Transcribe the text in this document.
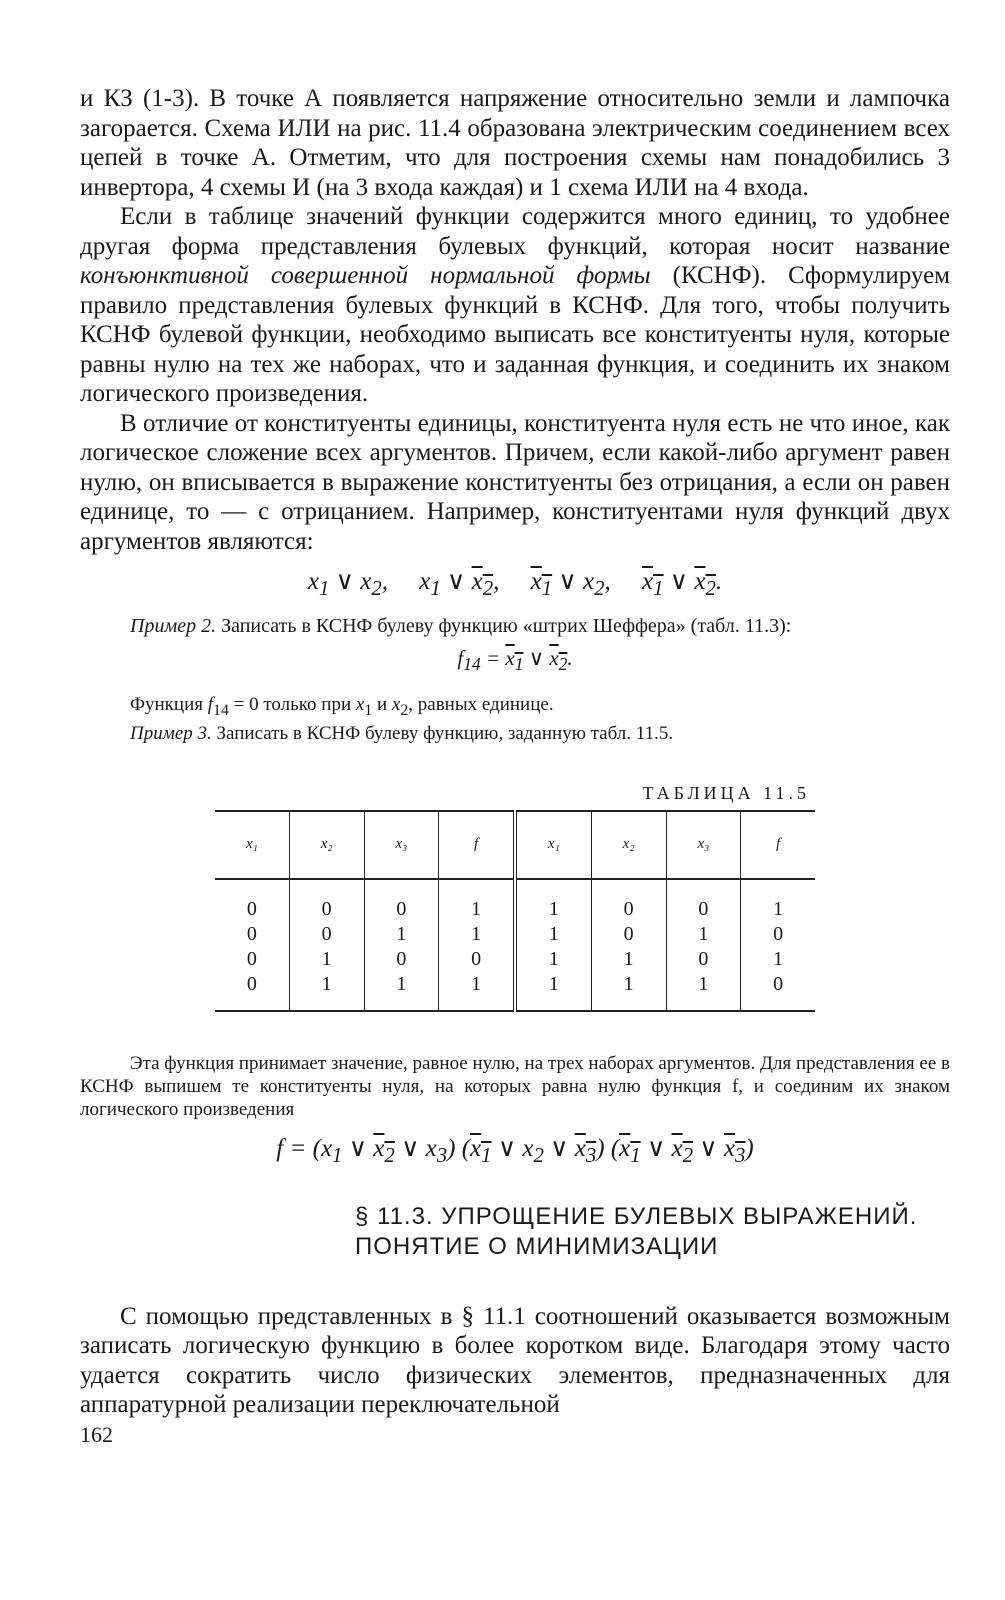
и КЗ (1-3). В точке А появляется напряжение относительно земли и лампочка загорается. Схема ИЛИ на рис. 11.4 образована электрическим соединением всех цепей в точке А. Отметим, что для построения схемы нам понадобились 3 инвертора, 4 схемы И (на 3 входа каждая) и 1 схема ИЛИ на 4 входа.

Если в таблице значений функции содержится много единиц, то удобнее другая форма представления булевых функций, которая носит название конъюнктивной совершенной нормальной формы (КСНФ). Сформулируем правило представления булевых функций в КСНФ. Для того, чтобы получить КСНФ булевой функции, необходимо выписать все конституенты нуля, которые равны нулю на тех же наборах, что и заданная функция, и соединить их знаком логического произведения.

В отличие от конституенты единицы, конституента нуля есть не что иное, как логическое сложение всех аргументов. Причем, если какой-либо аргумент равен нулю, он вписывается в выражение конституенты без отрицания, а если он равен единице, то — с отрицанием. Например, конституентами нуля функций двух аргументов являются:

$x_1$ ∨ $x_2$,     $x_1$ ∨ $x_2$,     $x_1$ ∨ $x_2$,     $x_1$ ∨ $x_2$.

Пример 2. Записать в КСНФ булеву функцию «штрих Шеффера» (табл. 11.3):

$f_{14} = x_1$ ∨ $x_2$.

Функция $f_{14} = 0$ только при $x_1$ и $x_2$, равных единице.

Пример 3. Записать в КСНФ булеву функцию, заданную табл. 11.5.

ТАБЛИЦА 11.5
x₁	x₂	x₃	f	x₁	x₂	x₃	f
0	0	0	1	1	0	0	1
0	0	1	1	1	0	1	0
0	1	0	0	1	1	0	1
0	1	1	1	1	1	1	0

Эта функция принимает значение, равное нулю, на трех наборах аргументов. Для представления ее в КСНФ выпишем те конституенты нуля, на которых равна нулю функция f, и соединим их знаком логического произведения

$f = (x_1$ ∨ $x_2$ ∨ $x_3$) ($x_1$ ∨ $x_2$ ∨ $x_3$) ($x_1$ ∨ $x_2$ ∨ $x_3$)

§ 11.3. УПРОЩЕНИЕ БУЛЕВЫХ ВЫРАЖЕНИЙ.
ПОНЯТИЕ О МИНИМИЗАЦИИ

С помощью представленных в § 11.1 соотношений оказывается возможным записать логическую функцию в более коротком виде. Благодаря этому часто удается сократить число физических элементов, предназначенных для аппаратурной реализации переключательной

162
